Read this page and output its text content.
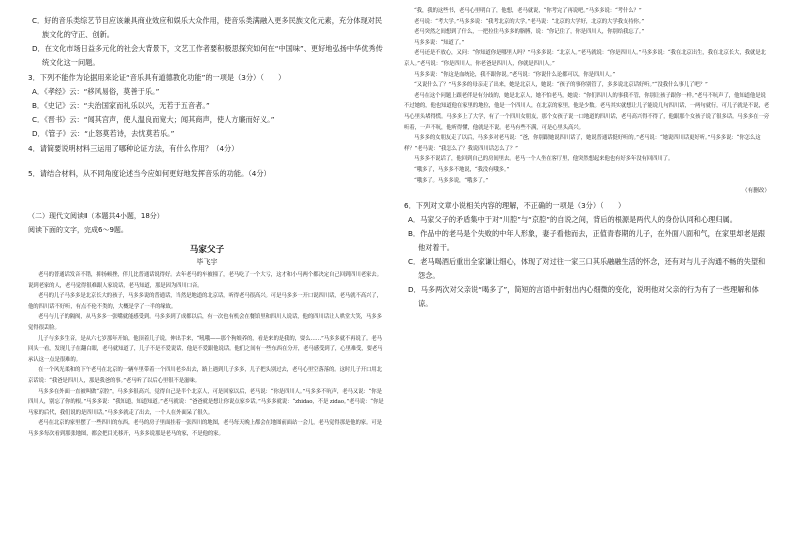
C．好的音乐类综艺节目应该兼具商业效应和娱乐大众作用，使音乐类满融入更多民族文化元素，充分体现对民族文化的守正、创新。

D．在文化市场日益多元化的社会大背景下，文艺工作者要积极思探究如何在“中国味”、更好地弘扬中华优秀传统文化这一问题。

3．下列不能作为论据用来论证“音乐具有道德教化功能”的一项是（3分）（　　）

A．《孝经》云：“移风易俗，莫善于乐。”

B．《史记》云：“夫治国家而礼乐以兴，无若于五音者。”

C．《晋书》云：“闻其宫声，使人温良而宽大；闻其商声，使人方廉而好义。”

D．《管子》云：“止怒莫若诗，去忧莫若乐。”

4．请简要说明材料三运用了哪种论证方法，有什么作用？（4分）

5．请结合材料，从不同角度论述当今应如何更好地发挥音乐的功能。（4分）

（二）现代文阅读Ⅱ（本题共4小题，18分）

阅读下面的文字，完成6～9题。

马家父子

毕飞宇

老马的普通话发音不错，抑扬顿挫，伴儿比普通话说得好。去年老马的车被撞了，老马吃了一个大亏，这才和小马两个都决定自己回到四川老家去。说到老家的人，老马觉得很难跟人家说话，老马知道，那是因为四川口音。

老马的儿子马多多是北京长大的孩子，马多多说的普通话，当然是地道的北京话，听得老马很高兴。可是马多多一开口说四川话，老马就不高兴了，他的四川话不好听，有点不伦不类的，大概是学了一半的缘故。

老马与儿子的隔阂，从马多多一张嘴就能感受到。马多多到了成都以后，有一次也有机会在餐馆里和四川人说话，他的四川话让人哄堂大笑，马多多觉得很丢脸。

儿子与多多生音，是从六七岁那年开始，他顶着儿子说，伸出手来，“吼哦——那个狗娘养的，看是来的是我的，耍么……”马多多就不再说了。老马回头一看，发现儿子在翻白眼，老马就知道了，儿子不是不爱说话，他是不爱跟他说话。他们之间有一些东西在分开，老马感受到了，心里难受，要老马承认这一点是很难的。

在一个风光柔和的下午老马在北京的一辆车里带着一个四川老乡出去，路上遇到儿子多多，儿子把头别过去，老马心里空落落的。这时儿子开口用北京话说：“我爸是四川人，那是我爸的事。”老马听了以后心里很不是滋味。

马多多在外面一直被叫做“京腔”，马多多很高兴，觉得自己是半个北京人，可是回家以后，老马说：“你是四川人。”马多多不吭声，老马又说：“你是四川人，别忘了你的根。”马多多说：“我知道，知道知道。”老马就说：“爸爸就是想让你说点家乡话。”马多多就说：“zhidao，不是 zidao。”老马说：“你是马家的后代，我们说的是四川话。”马多多就走了出去，一个人在外面呆了很久。

老马在北京的家里摆了一些四川的东西，老马的房子里面挂着一张四川的地图，老马每天晚上都会在地图前面站一会儿，老马觉得那是他的家。可是马多多每次看到那张地图，都会把目光移开，马多多说那是老马的家，不是他的家。

“我，我的这些书，老马心里明白了，他想，老马就说，“你考完了再说吧。”马多多说：“考什么？”

老马说：“考大学。”马多多说：“我考北京的大学。”老马说：“北京的大学好，北京的大学我支持你。”

老马突然之间想到了什么，一把拉住马多多的胳膊，说：“你记住了，你是四川人，你别给我忘了。”

马多多说：“知道了。”

老马还是不放心，又问：“你知道你是哪里人吗？”马多多说：“北京人。”老马就说：“你是四川人。”马多多说：“我在北京出生，我在北京长大，我就是北京人。”老马说：“你是四川人，你老爸是四川人，你就是四川人。”

马多多说：“你这是血统论，我不跟你说。”老马说：“你说什么论都可以，你是四川人。”

“又说什么了？”马多多的母亲走了出来，她是北京人，她说：“孩子的事你别管了，多多说北京话好听。”“没我什么事儿了吧？”

老马在这个问题上跟老伴是有分歧的，她是北京人，她不怕老马，她说：“你们四川人的事我不管，你别让孩子跟你一样。”老马不吭声了，他知道他是说不过她的，他也知道他在家里的地位，他是一个四川人，在北京的家里，他是少数。老马其实就想让儿子能说几句四川话，一两句就行，可儿子就是不说，老马心里头堵得慌。马多多上了大学，有了一个四川女朋友，那个女孩子说一口地道的四川话，老马高兴得不得了，他跟那个女孩子说了很多话。马多多在一旁听着，一声不吭，他听得懂，他就是不说。老马有些不满，可是心里头高兴。

马多多的女朋友走了以后，马多多对老马说：“爸，你别跟她说四川话了，她说普通话挺好听的。”老马说：“她说四川话更好听。”马多多说：“你怎么这样？”老马说：“我怎么了？我说四川话怎么了？”

马多多不说话了，他回到自己的房间里去。老马一个人坐在客厅里，他突然想起来他也有好多年没有回四川了。

“哦多了，马多多不地说，“我没有哦多。”

“哦多了。马多多说，“哦多了。”

（有删改）

6．下列对文章小说相关内容的理解，不正确的一项是（3分）（　　）

A．马家父子的矛盾集中于对“川腔”与“京腔”的自说之间，背后的根源是两代人的身份认同和心理归属。

B．作品中的老马是个失败的中年人形象，妻子看他而去，正值青春期的儿子，在外面八面和气，在家里却老是跟他对着干。

C．老马喝酒后重出全家谦让细心，体现了对过往一家三口其乐融融生活的怀念，还有对与儿子沟通不畅的失望和怨念。

D．马多两次对父亲说“喝多了”，简短的言语中折射出内心细微的变化，说明他对父亲的行为有了一些理解和体谅。
